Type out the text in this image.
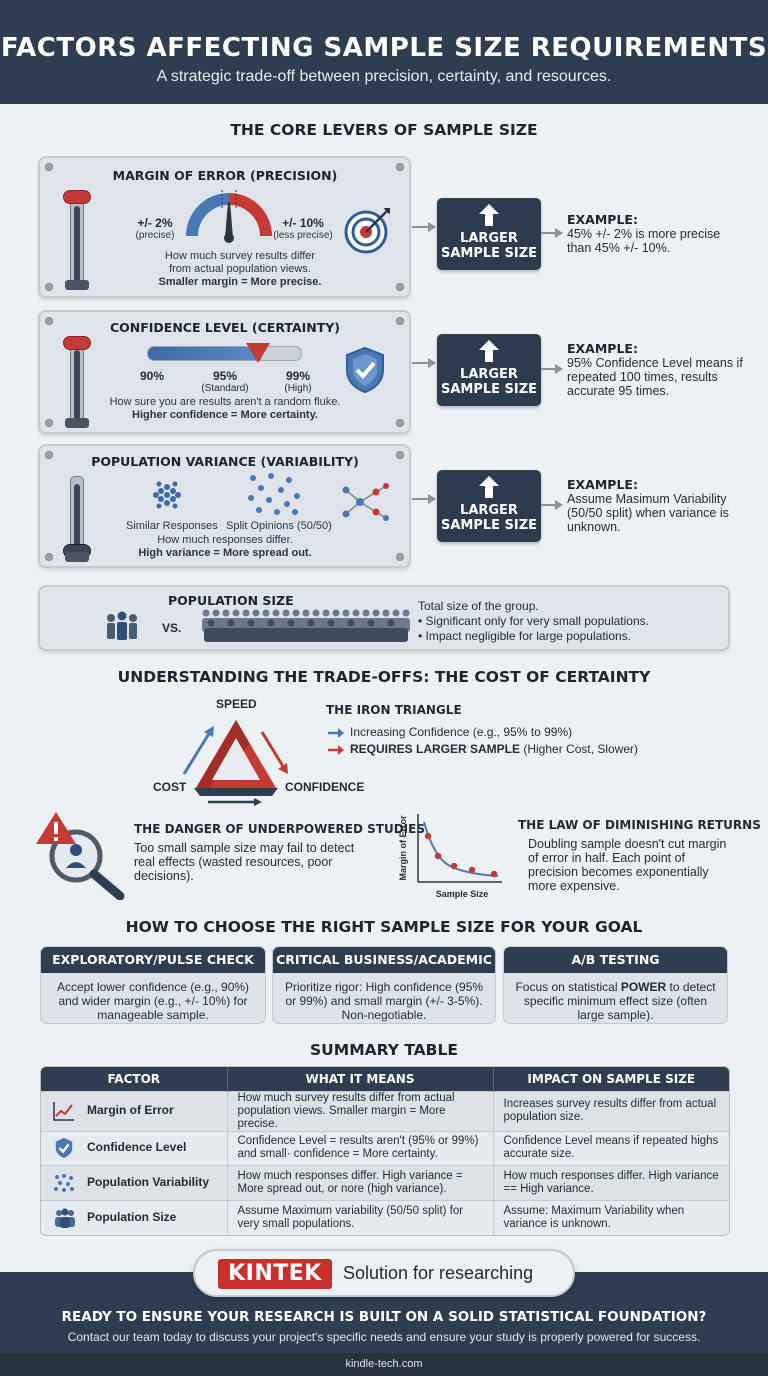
FACTORS AFFECTING SAMPLE SIZE REQUIREMENTS

A strategic trade-off between precision, certainty, and resources.

THE CORE LEVERS OF SAMPLE SIZE
MARGIN OF ERROR (PRECISION)
+/- 2%
(precise)
+/- 10%
(less precise)
How much survey results differ
from actual population views.
Smaller margin = More precise.
LARGER
SAMPLE SIZE
EXAMPLE:
45% +/- 2% is more precise than 45% +/- 10%.
CONFIDENCE LEVEL (CERTAINTY)
90%	95%
(Standard)
99%
(High)
How sure you are results aren't a random fluke.
Higher confidence = More certainty.
LARGER
SAMPLE SIZE
EXAMPLE:
95% Confidence Level means if repeated 100 times, results accurate 95 times.
POPULATION VARIANCE (VARIABILITY)
Similar Responses Split Opinions (50/50)
How much responses differ.
High variance = More spread out.
LARGER
SAMPLE SIZE
EXAMPLE:
Assume Masimum Variability (50/50 split) when variance is unknown.
POPULATION SIZE
VS.
Total size of the group.
• Significant only for very small populations.
• Impact negligible for large populations.
UNDERSTANDING THE TRADE-OFFS: THE COST OF CERTAINTY
SPEED
COST	CONFIDENCE
THE IRON TRIANGLE
Increasing Confidence (e.g., 95% to 99%)
REQUIRES LARGER SAMPLE (Higher Cost, Slower)
THE DANGER OF UNDERPOWERED STUDIES
Too small sample size may fail to detect real effects (wasted resources, poor decisions).	Margin of Error
Sample Size
THE LAW OF DIMINISHING RETURNS
Doubling sample doesn't cut margin of error in half. Each point of precision becomes exponentially more expensive.
HOW TO CHOOSE THE RIGHT SAMPLE SIZE FOR YOUR GOAL
EXPLORATORY/PULSE CHECK
Accept lower confidence (e.g., 90%) and wider margin (e.g., +/- 10%) for manageable sample.
CRITICAL BUSINESS/ACADEMIC
Prioritize rigor: High confidence (95% or 99%) and small margin (+/- 3-5%). Non-negotiable.
A/B TESTING
Focus on statistical POWER to detect specific minimum effect size (often large sample).
SUMMARY TABLE
FACTOR	WHAT IT MEANS	IMPACT ON SAMPLE SIZE
Margin of Error	How much survey results differ from actual population views. Smaller margin = More precise.	Increases survey results differ from actual population size.
Confidence Level	Confidence Level = results aren't (95% or 99%) and small· confidence = More certainty.	Confidence Level means if repeated highs accurate size.
Population Variability	How much responses differ. High variance = More spread out, or nore (high variance).	How much responses differ. High variance == High variance.
Population Size	Assume Maximum variability (50/50 split) for very small populations.	Assume: Maximum Variability when variance is unknown.
READY TO ENSURE YOUR RESEARCH IS BUILT ON A SOLID STATISTICAL FOUNDATION?

Contact our team today to discuss your project's specific needs and ensure your study is properly powered for success.

kindle-tech.com
KINTEK	Solution for researching
